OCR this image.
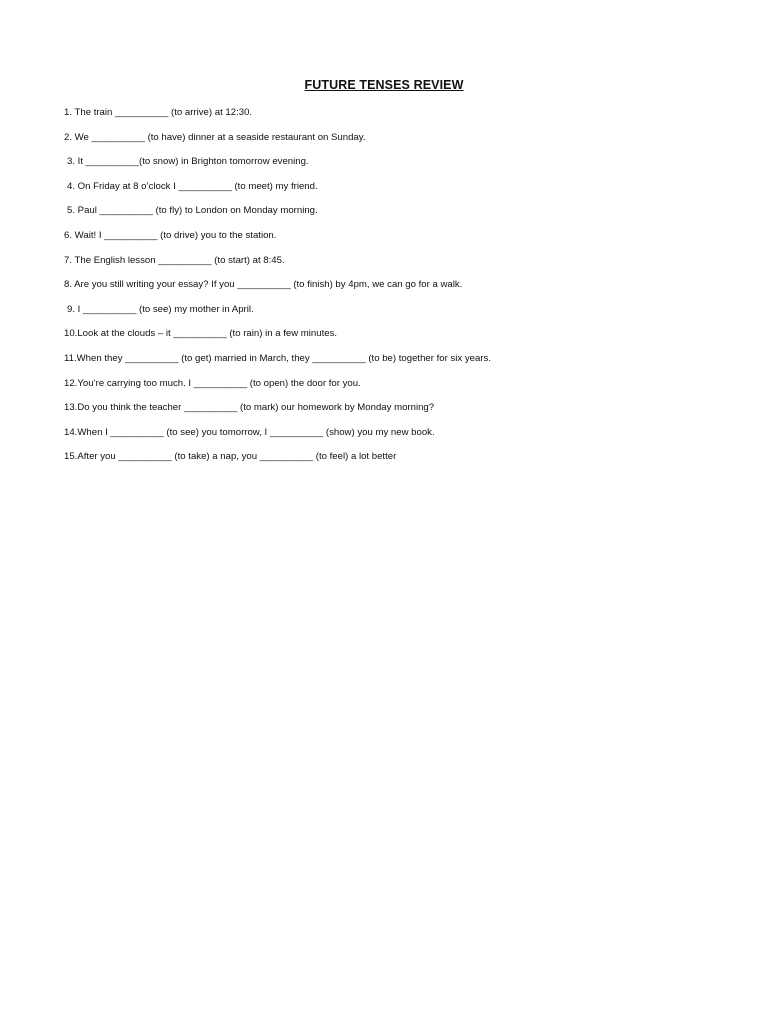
FUTURE TENSES REVIEW
1. The train __________ (to arrive) at 12:30.
2. We __________ (to have) dinner at a seaside restaurant on Sunday.
3. It __________(to snow) in Brighton tomorrow evening.
4. On Friday at 8 o’clock I __________ (to meet) my friend.
5. Paul __________ (to fly) to London on Monday morning.
6. Wait! I __________ (to drive) you to the station.
7. The English lesson __________ (to start) at 8:45.
8. Are you still writing your essay? If you __________ (to finish) by 4pm, we can go for a walk.
9. I __________ (to see) my mother in April.
10.Look at the clouds – it __________ (to rain) in a few minutes.
11.When they __________ (to get) married in March, they __________ (to be) together for six years.
12.You’re carrying too much. I __________ (to open) the door for you.
13.Do you think the teacher __________ (to mark) our homework by Monday morning?
14.When I __________ (to see) you tomorrow, I __________ (show) you my new book.
15.After you __________ (to take) a nap, you __________ (to feel) a lot better
